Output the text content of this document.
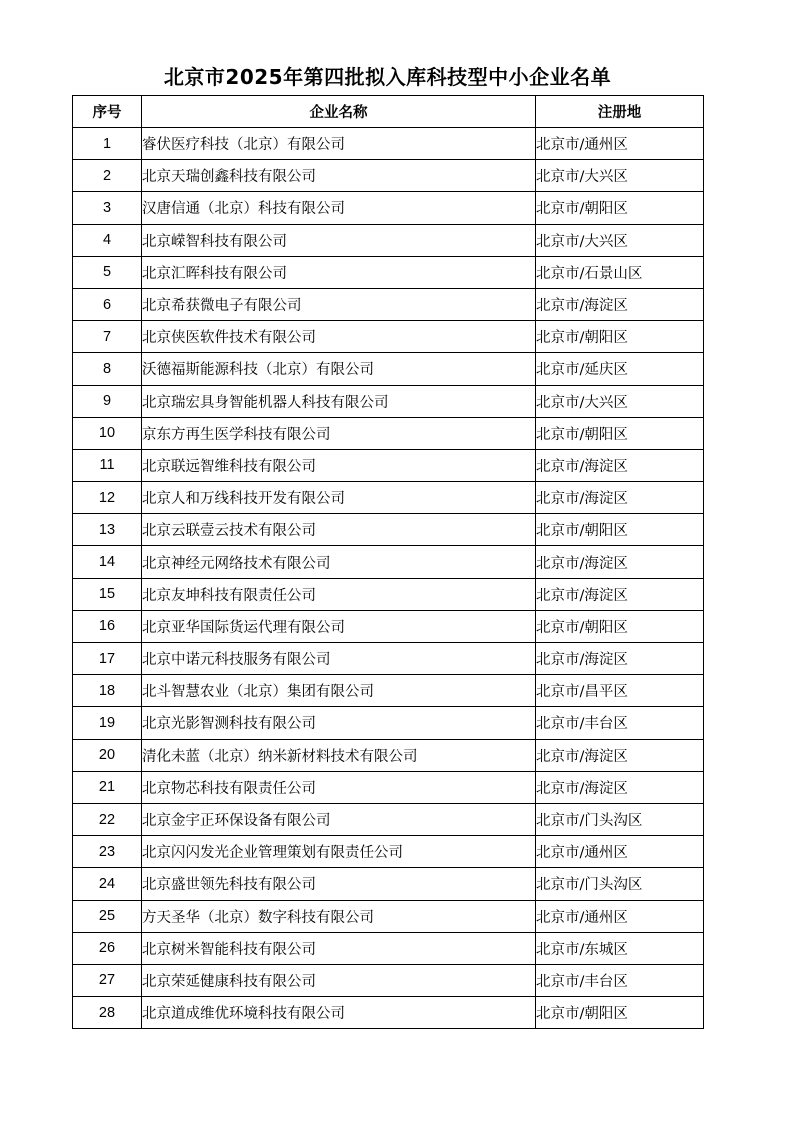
北京市2025年第四批拟入库科技型中小企业名单
序号	企业名称	注册地
1	睿伏医疗科技（北京）有限公司	北京市/通州区
2	北京天瑞创鑫科技有限公司	北京市/大兴区
3	汉唐信通（北京）科技有限公司	北京市/朝阳区
4	北京嵘智科技有限公司	北京市/大兴区
5	北京汇晖科技有限公司	北京市/石景山区
6	北京希获微电子有限公司	北京市/海淀区
7	北京侠医软件技术有限公司	北京市/朝阳区
8	沃德福斯能源科技（北京）有限公司	北京市/延庆区
9	北京瑞宏具身智能机器人科技有限公司	北京市/大兴区
10	京东方再生医学科技有限公司	北京市/朝阳区
11	北京联远智维科技有限公司	北京市/海淀区
12	北京人和万线科技开发有限公司	北京市/海淀区
13	北京云联壹云技术有限公司	北京市/朝阳区
14	北京神经元网络技术有限公司	北京市/海淀区
15	北京友坤科技有限责任公司	北京市/海淀区
16	北京亚华国际货运代理有限公司	北京市/朝阳区
17	北京中诺元科技服务有限公司	北京市/海淀区
18	北斗智慧农业（北京）集团有限公司	北京市/昌平区
19	北京光影智测科技有限公司	北京市/丰台区
20	清化未蓝（北京）纳米新材料技术有限公司	北京市/海淀区
21	北京物芯科技有限责任公司	北京市/海淀区
22	北京金宇正环保设备有限公司	北京市/门头沟区
23	北京闪闪发光企业管理策划有限责任公司	北京市/通州区
24	北京盛世领先科技有限公司	北京市/门头沟区
25	方天圣华（北京）数字科技有限公司	北京市/通州区
26	北京树米智能科技有限公司	北京市/东城区
27	北京荣延健康科技有限公司	北京市/丰台区
28	北京道成维优环境科技有限公司	北京市/朝阳区
